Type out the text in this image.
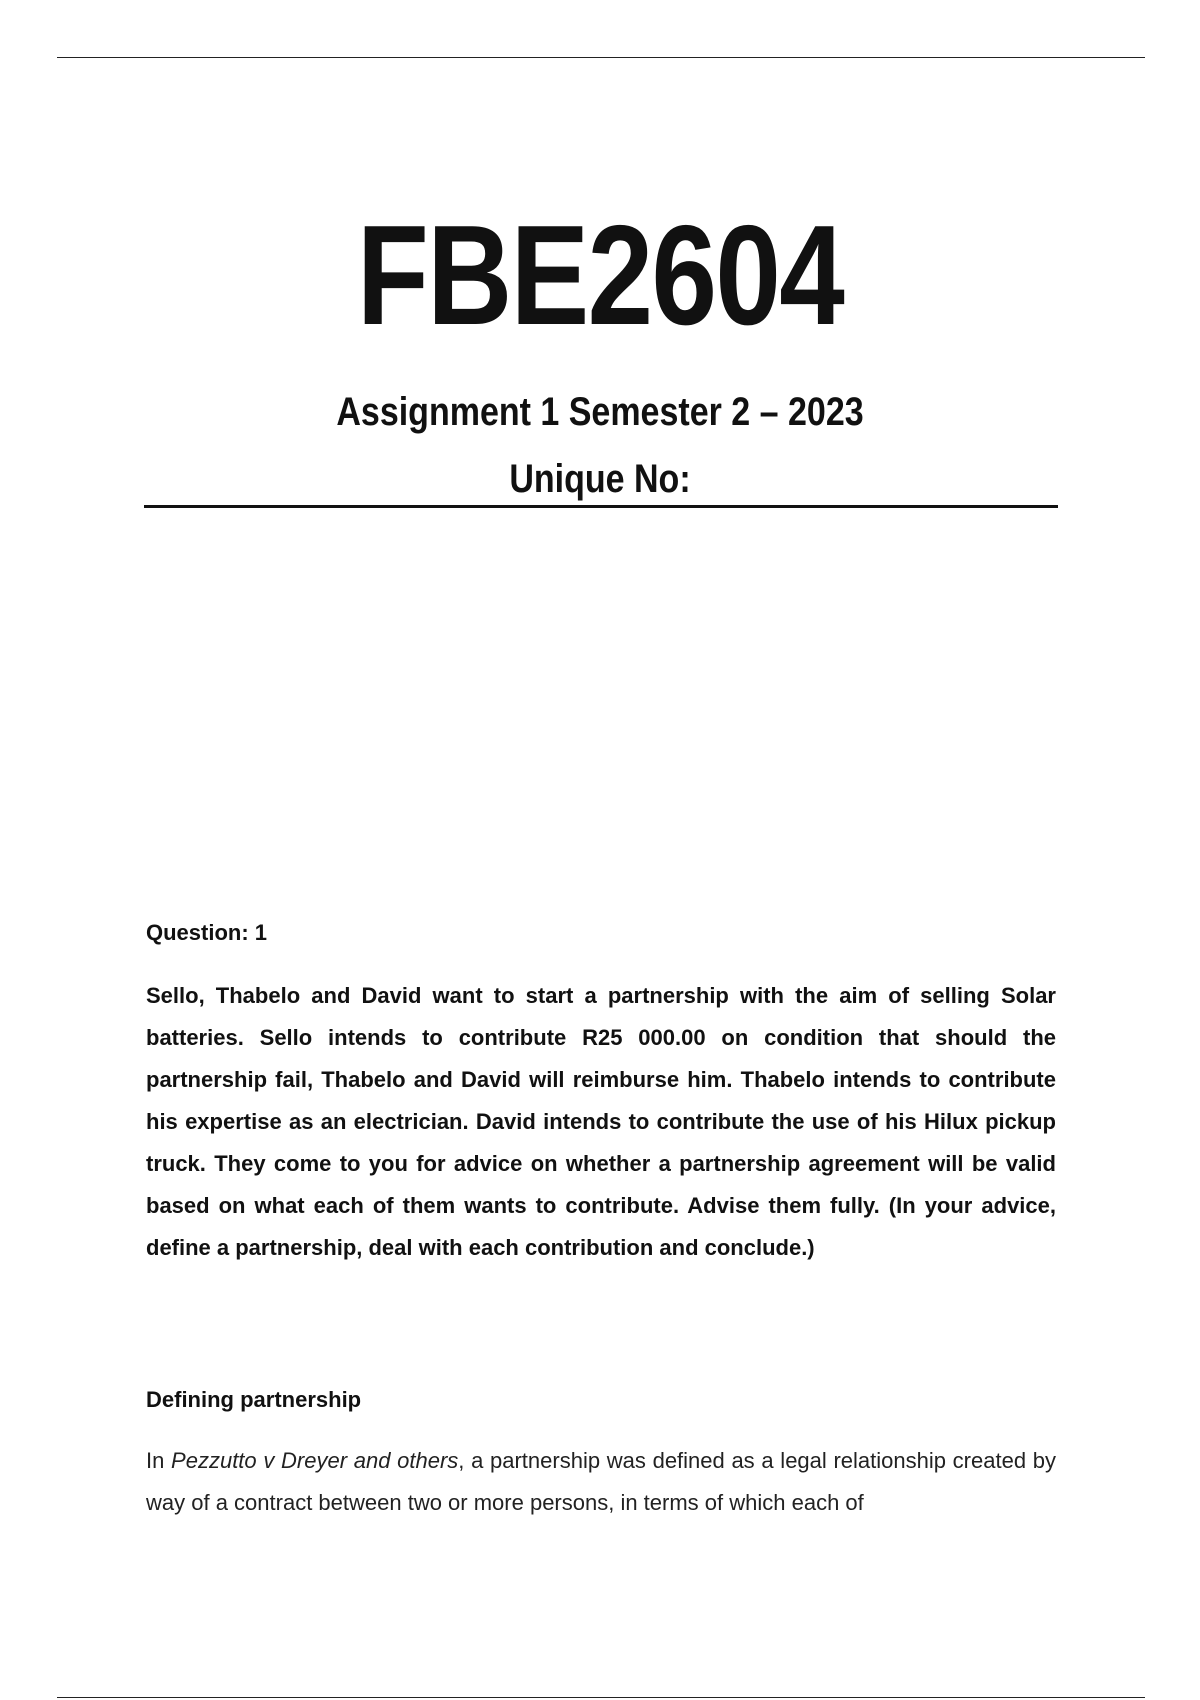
FBE2604
Assignment 1 Semester 2 – 2023
Unique No:
Question: 1
Sello, Thabelo and David want to start a partnership with the aim of selling Solar batteries. Sello intends to contribute R25 000.00 on condition that should the partnership fail, Thabelo and David will reimburse him. Thabelo intends to contribute his expertise as an electrician. David intends to contribute the use of his Hilux pickup truck. They come to you for advice on whether a partnership agreement will be valid based on what each of them wants to contribute. Advise them fully. (In your advice, define a partnership, deal with each contribution and conclude.)
Defining partnership
In Pezzutto v Dreyer and others, a partnership was defined as a legal relationship created by way of a contract between two or more persons, in terms of which each of
